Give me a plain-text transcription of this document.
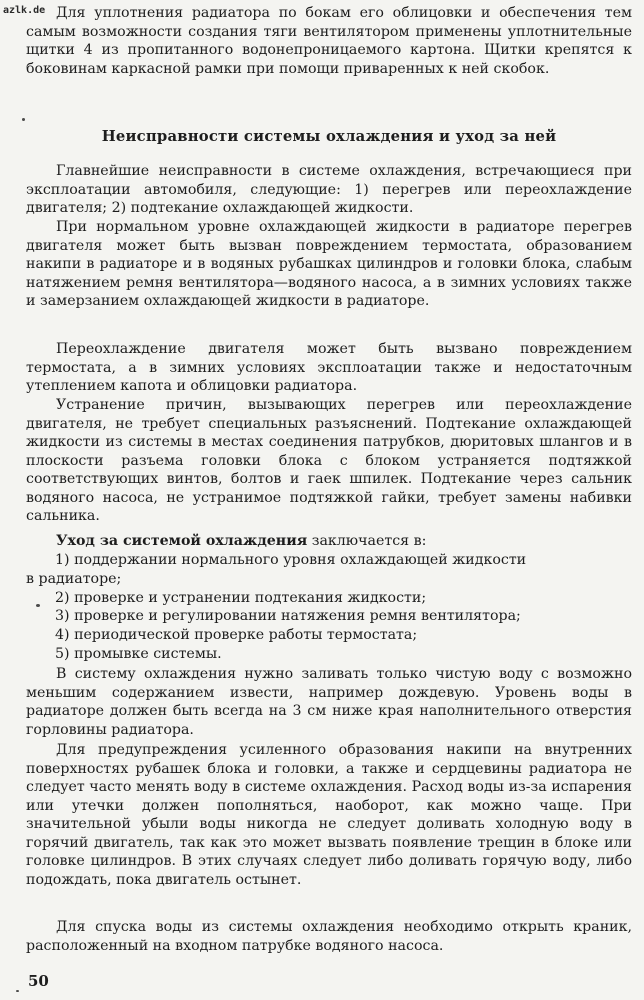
azlk.de Для уплотнения радиатора по бокам его облицовки и обеспечения тем самым возможности создания тяги вентилятором применены уплотнительные щитки 4 из пропитанного водонепроницаемого картона. Щитки крепятся к боковинам каркасной рамки при помощи приваренных к ней скобок.

Неисправности системы охлаждения и уход за ней

Главнейшие неисправности в системе охлаждения, встречающиеся при эксплоатации автомобиля, следующие: 1) перегрев или переохлаждение двигателя; 2) подтекание охлаждающей жидкости.

При нормальном уровне охлаждающей жидкости в радиаторе перегрев двигателя может быть вызван повреждением термостата, образованием накипи в радиаторе и в водяных рубашках цилиндров и головки блока, слабым натяжением ремня вентилятора—водяного насоса, а в зимних условиях также и замерзанием охлаждающей жидкости в радиаторе.

Переохлаждение двигателя может быть вызвано повреждением термостата, а в зимних условиях эксплоатации также и недостаточным утеплением капота и облицовки радиатора.

Устранение причин, вызывающих перегрев или переохлаждение двигателя, не требует специальных разъяснений. Подтекание охлаждающей жидкости из системы в местах соединения патрубков, дюритовых шлангов и в плоскости разъема головки блока с блоком устраняется подтяжкой соответствующих винтов, болтов и гаек шпилек. Подтекание через сальник водяного насоса, не устранимое подтяжкой гайки, требует замены набивки сальника.

Уход за системой охлаждения заключается в:

1) поддержании нормального уровня охлаждающей жидкости
в радиаторе;
2) проверке и устранении подтекания жидкости;
3) проверке и регулировании натяжения ремня вентилятора;
4) периодической проверке работы термостата;
5) промывке системы.

В систему охлаждения нужно заливать только чистую воду с возможно меньшим содержанием извести, например дождевую. Уровень воды в радиаторе должен быть всегда на 3 см ниже края наполнительного отверстия горловины радиатора.

Для предупреждения усиленного образования накипи на внутренних поверхностях рубашек блока и головки, а также и сердцевины радиатора не следует часто менять воду в системе охлаждения. Расход воды из-за испарения или утечки должен пополняться, наоборот, как можно чаще. При значительной убыли воды никогда не следует доливать холодную воду в горячий двигатель, так как это может вызвать появление трещин в блоке или головке цилиндров. В этих случаях следует либо доливать горячую воду, либо подождать, пока двигатель остынет.

Для спуска воды из системы охлаждения необходимо открыть краник, расположенный на входном патрубке водяного насоса.

50
